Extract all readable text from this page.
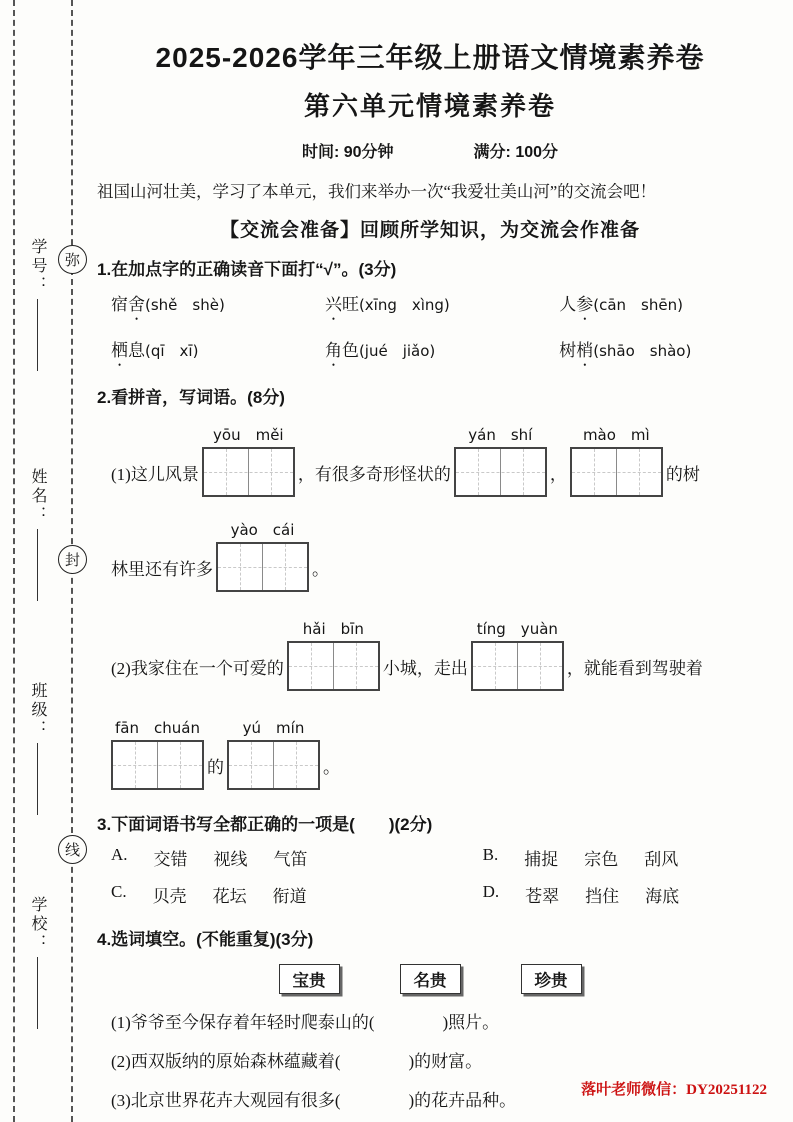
弥
封
线
学号：
姓名：
班级：
学校：
2025-2026学年三年级上册语文情境素养卷
第六单元情境素养卷
时间: 90分钟	满分: 100分
祖国山河壮美，学习了本单元，我们来举办一次“我爱壮美山河”的交流会吧！
【交流会准备】回顾所学知识，为交流会作准备
1.在加点字的正确读音下面打“√”。(3分)
宿舍(shě　shè)	兴旺(xīng　xìng)	人参(cān　shēn)
栖息(qī　xī)	角色(jué　jiǎo)	树梢(shāo　shào)
2.看拼音，写词语。(8分)
(1)这儿风景
yōu　měi
，有很多奇形怪状的
yán　shí
，
mào　mì
的树
林里还有许多
yào　cái
。
(2)我家住在一个可爱的
hǎi　bīn
小城，走出
tíng　yuàn
，就能看到驾驶着
fān　chuán
的
yú　mín
。
3.下面词语书写全都正确的一项是(　　)(2分)
A. 交错 视线 气笛	B. 捕捉 宗色 刮风
C. 贝壳 花坛 衔道	D. 苍翠 挡住 海底
4.选词填空。(不能重复)(3分)
宝贵	名贵	珍贵
(1)爷爷至今保存着年轻时爬泰山的(　　　　)照片。
(2)西双版纳的原始森林蕴藏着(　　　　)的财富。
(3)北京世界花卉大观园有很多(　　　　)的花卉品种。
落叶老师微信：DY20251122
